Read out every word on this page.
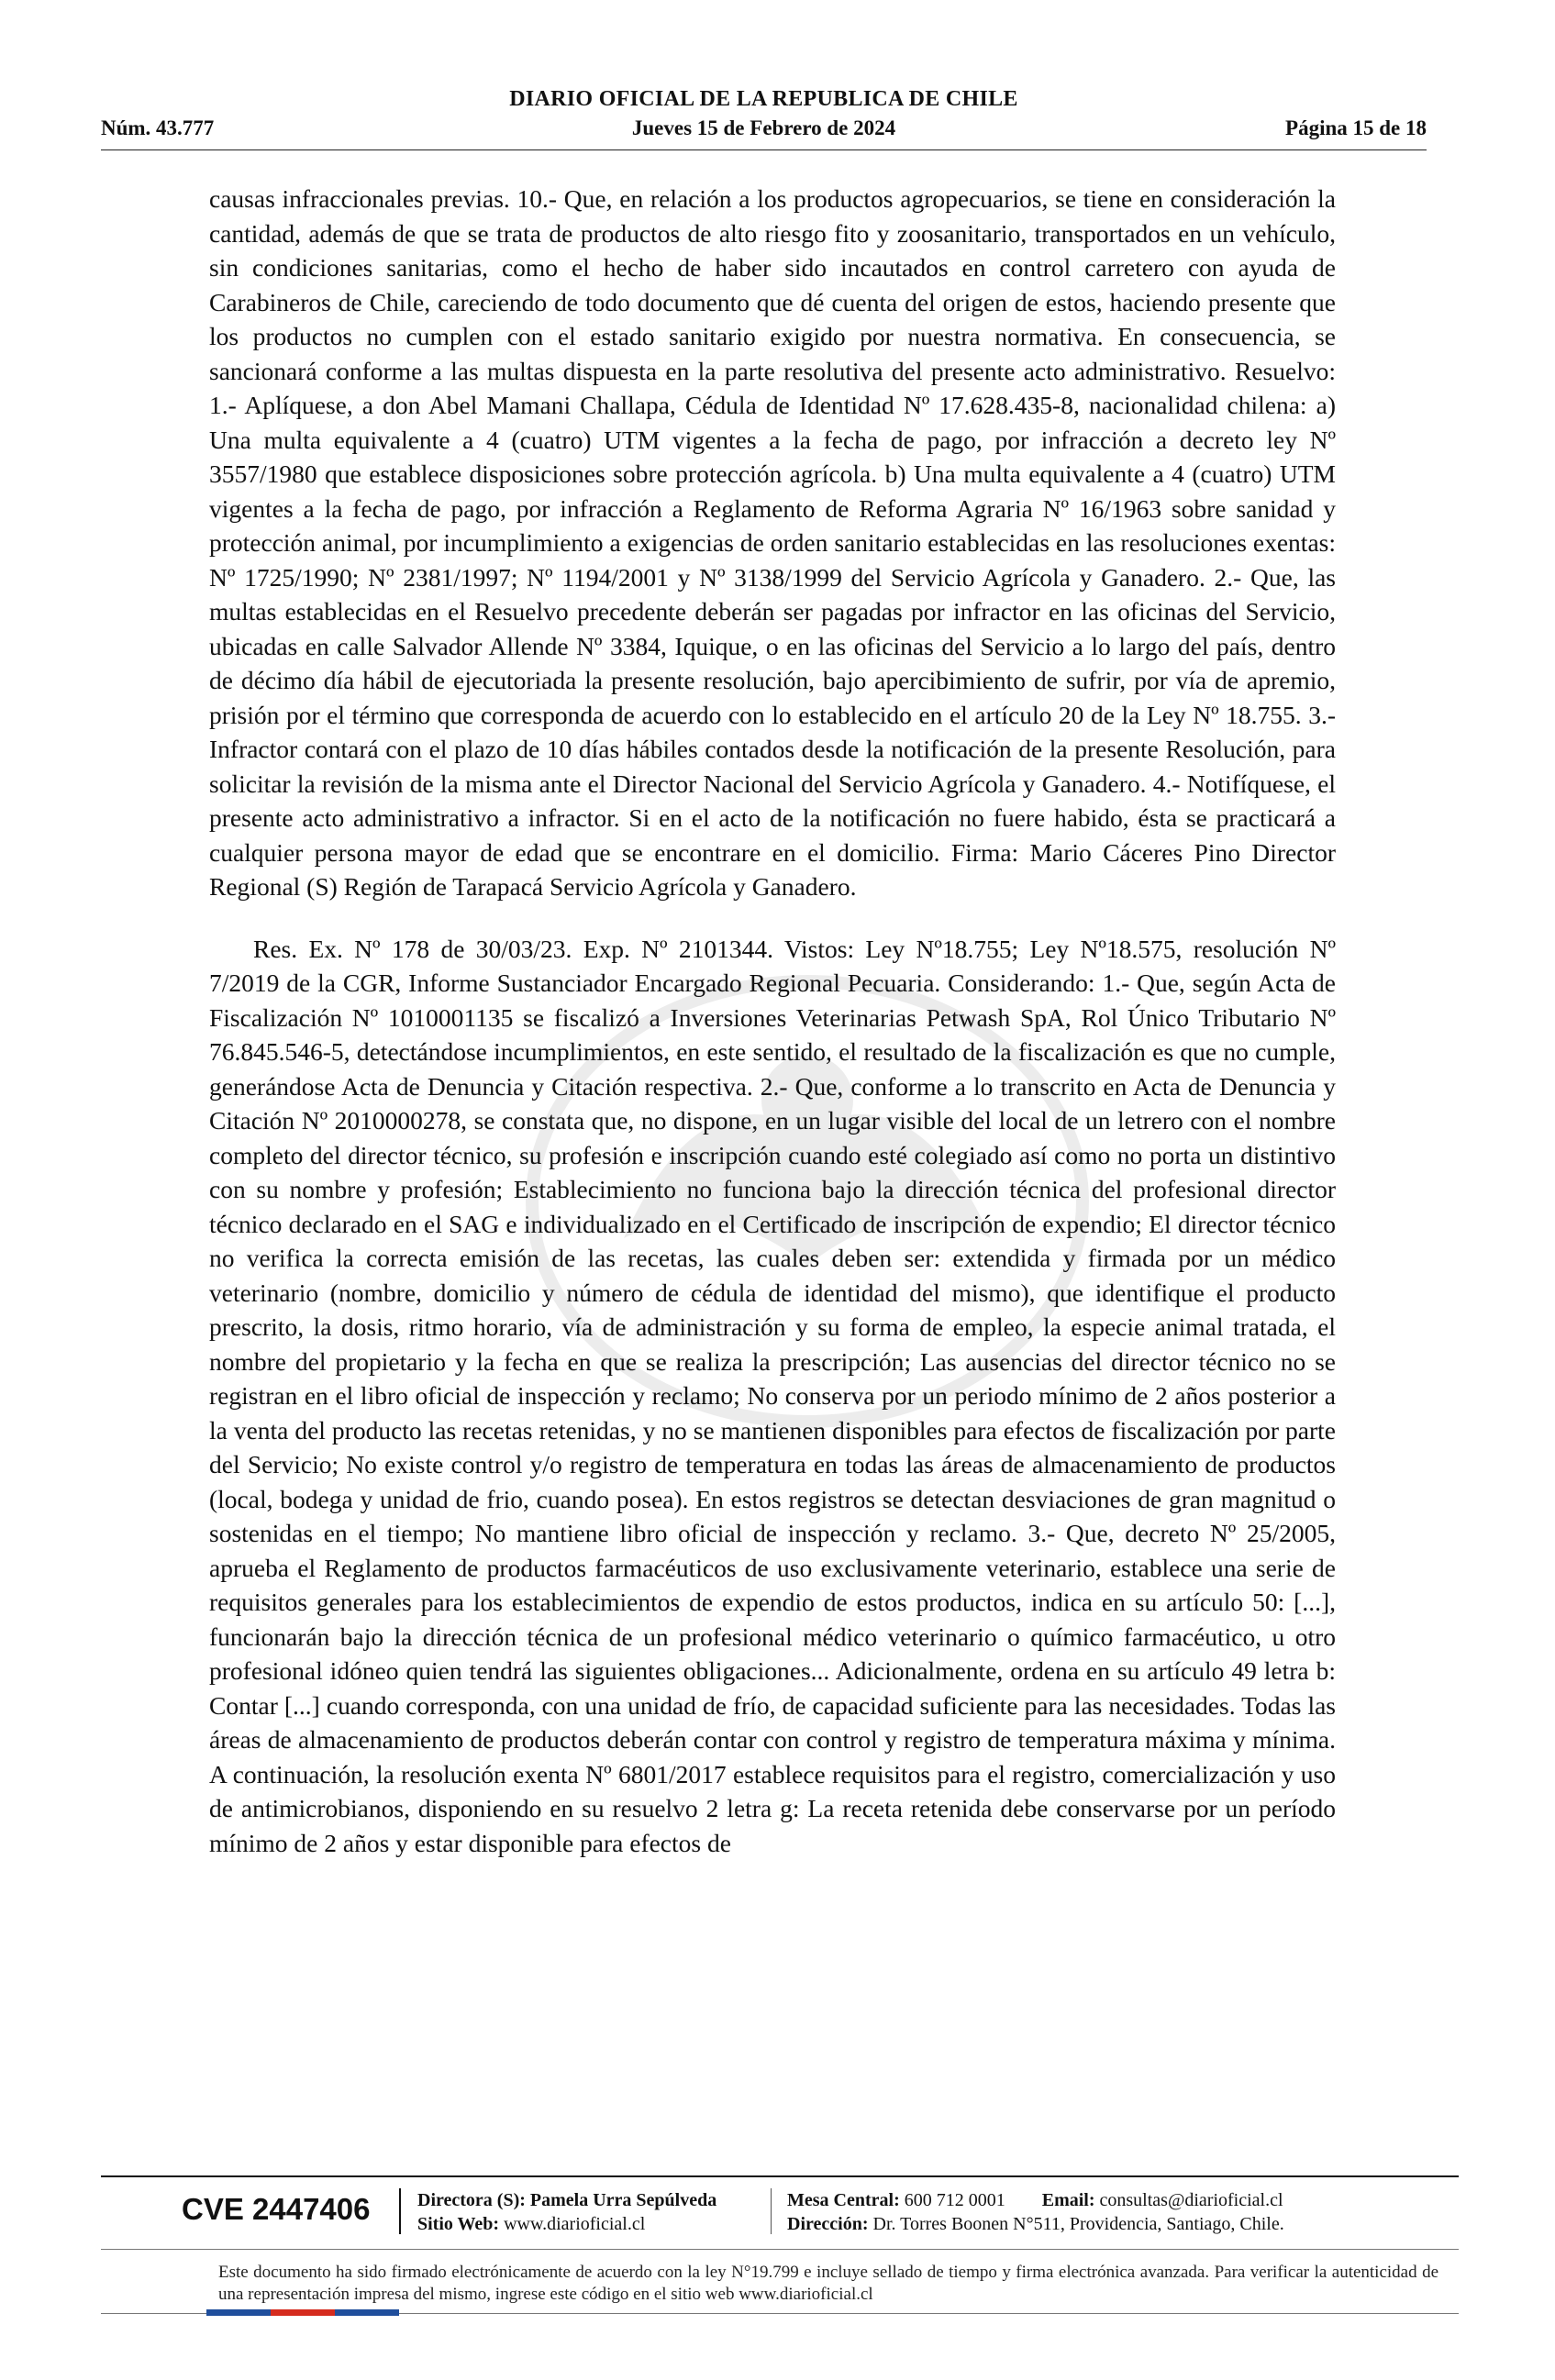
DIARIO OFICIAL DE LA REPUBLICA DE CHILE
Núm. 43.777	Jueves 15 de Febrero de 2024	Página 15 de 18

causas infraccionales previas. 10.- Que, en relación a los productos agropecuarios, se tiene en consideración la cantidad, además de que se trata de productos de alto riesgo fito y zoosanitario, transportados en un vehículo, sin condiciones sanitarias, como el hecho de haber sido incautados en control carretero con ayuda de Carabineros de Chile, careciendo de todo documento que dé cuenta del origen de estos, haciendo presente que los productos no cumplen con el estado sanitario exigido por nuestra normativa. En consecuencia, se sancionará conforme a las multas dispuesta en la parte resolutiva del presente acto administrativo. Resuelvo: 1.- Aplíquese, a don Abel Mamani Challapa, Cédula de Identidad Nº 17.628.435-8, nacionalidad chilena: a) Una multa equivalente a 4 (cuatro) UTM vigentes a la fecha de pago, por infracción a decreto ley Nº 3557/1980 que establece disposiciones sobre protección agrícola. b) Una multa equivalente a 4 (cuatro) UTM vigentes a la fecha de pago, por infracción a Reglamento de Reforma Agraria Nº 16/1963 sobre sanidad y protección animal, por incumplimiento a exigencias de orden sanitario establecidas en las resoluciones exentas: Nº 1725/1990; Nº 2381/1997; Nº 1194/2001 y Nº 3138/1999 del Servicio Agrícola y Ganadero. 2.- Que, las multas establecidas en el Resuelvo precedente deberán ser pagadas por infractor en las oficinas del Servicio, ubicadas en calle Salvador Allende Nº 3384, Iquique, o en las oficinas del Servicio a lo largo del país, dentro de décimo día hábil de ejecutoriada la presente resolución, bajo apercibimiento de sufrir, por vía de apremio, prisión por el término que corresponda de acuerdo con lo establecido en el artículo 20 de la Ley Nº 18.755. 3.- Infractor contará con el plazo de 10 días hábiles contados desde la notificación de la presente Resolución, para solicitar la revisión de la misma ante el Director Nacional del Servicio Agrícola y Ganadero. 4.- Notifíquese, el presente acto administrativo a infractor. Si en el acto de la notificación no fuere habido, ésta se practicará a cualquier persona mayor de edad que se encontrare en el domicilio. Firma: Mario Cáceres Pino Director Regional (S) Región de Tarapacá Servicio Agrícola y Ganadero.

Res. Ex. Nº 178 de 30/03/23. Exp. Nº 2101344. Vistos: Ley Nº18.755; Ley Nº18.575, resolución Nº 7/2019 de la CGR, Informe Sustanciador Encargado Regional Pecuaria. Considerando: 1.- Que, según Acta de Fiscalización Nº 1010001135 se fiscalizó a Inversiones Veterinarias Petwash SpA, Rol Único Tributario Nº 76.845.546-5, detectándose incumplimientos, en este sentido, el resultado de la fiscalización es que no cumple, generándose Acta de Denuncia y Citación respectiva. 2.- Que, conforme a lo transcrito en Acta de Denuncia y Citación Nº 2010000278, se constata que, no dispone, en un lugar visible del local de un letrero con el nombre completo del director técnico, su profesión e inscripción cuando esté colegiado así como no porta un distintivo con su nombre y profesión; Establecimiento no funciona bajo la dirección técnica del profesional director técnico declarado en el SAG e individualizado en el Certificado de inscripción de expendio; El director técnico no verifica la correcta emisión de las recetas, las cuales deben ser: extendida y firmada por un médico veterinario (nombre, domicilio y número de cédula de identidad del mismo), que identifique el producto prescrito, la dosis, ritmo horario, vía de administración y su forma de empleo, la especie animal tratada, el nombre del propietario y la fecha en que se realiza la prescripción; Las ausencias del director técnico no se registran en el libro oficial de inspección y reclamo; No conserva por un periodo mínimo de 2 años posterior a la venta del producto las recetas retenidas, y no se mantienen disponibles para efectos de fiscalización por parte del Servicio; No existe control y/o registro de temperatura en todas las áreas de almacenamiento de productos (local, bodega y unidad de frio, cuando posea). En estos registros se detectan desviaciones de gran magnitud o sostenidas en el tiempo; No mantiene libro oficial de inspección y reclamo. 3.- Que, decreto Nº 25/2005, aprueba el Reglamento de productos farmacéuticos de uso exclusivamente veterinario, establece una serie de requisitos generales para los establecimientos de expendio de estos productos, indica en su artículo 50: [...], funcionarán bajo la dirección técnica de un profesional médico veterinario o químico farmacéutico, u otro profesional idóneo quien tendrá las siguientes obligaciones... Adicionalmente, ordena en su artículo 49 letra b: Contar [...] cuando corresponda, con una unidad de frío, de capacidad suficiente para las necesidades. Todas las áreas de almacenamiento de productos deberán contar con control y registro de temperatura máxima y mínima. A continuación, la resolución exenta Nº 6801/2017 establece requisitos para el registro, comercialización y uso de antimicrobianos, disponiendo en su resuelvo 2 letra g: La receta retenida debe conservarse por un período mínimo de 2 años y estar disponible para efectos de

CVE 2447406	Directora (S): Pamela Urra Sepúlveda
Sitio Web: www.diarioficial.cl
Mesa Central: 600 712 0001 Email: consultas@diarioficial.cl
Dirección: Dr. Torres Boonen N°511, Providencia, Santiago, Chile.
Este documento ha sido firmado electrónicamente de acuerdo con la ley N°19.799 e incluye sellado de tiempo y firma electrónica avanzada. Para verificar la autenticidad de una representación impresa del mismo, ingrese este código en el sitio web www.diarioficial.cl
